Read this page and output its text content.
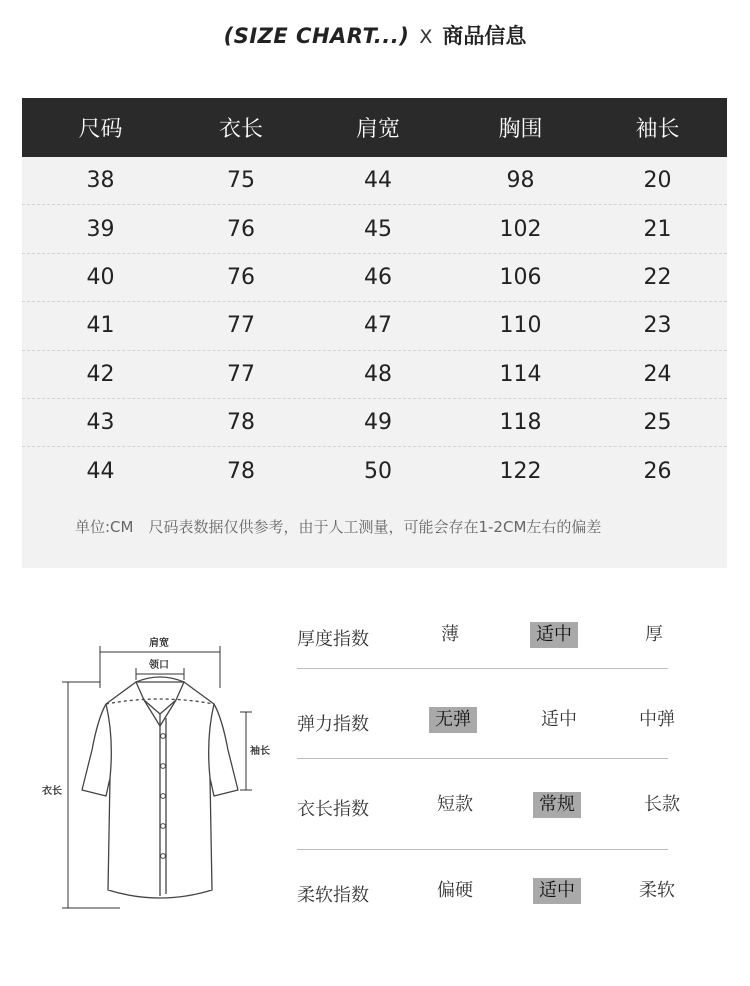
(SIZE CHART...) X 商品信息
尺码	衣长	肩宽	胸围	袖长
38	75	44	98	20
39	76	45	102	21
40	76	46	106	22
41	77	47	110	23
42	77	48	114	24
43	78	49	118	25
44	78	50	122	26
单位:CM　尺码表数据仅供参考，由于人工测量，可能会存在1-2CM左右的偏差
肩宽
领口
袖长
衣长
厚度指数	薄	适中	厚
弹力指数	无弹	适中	中弹
衣长指数	短款	常规	长款
柔软指数	偏硬	适中	柔软
